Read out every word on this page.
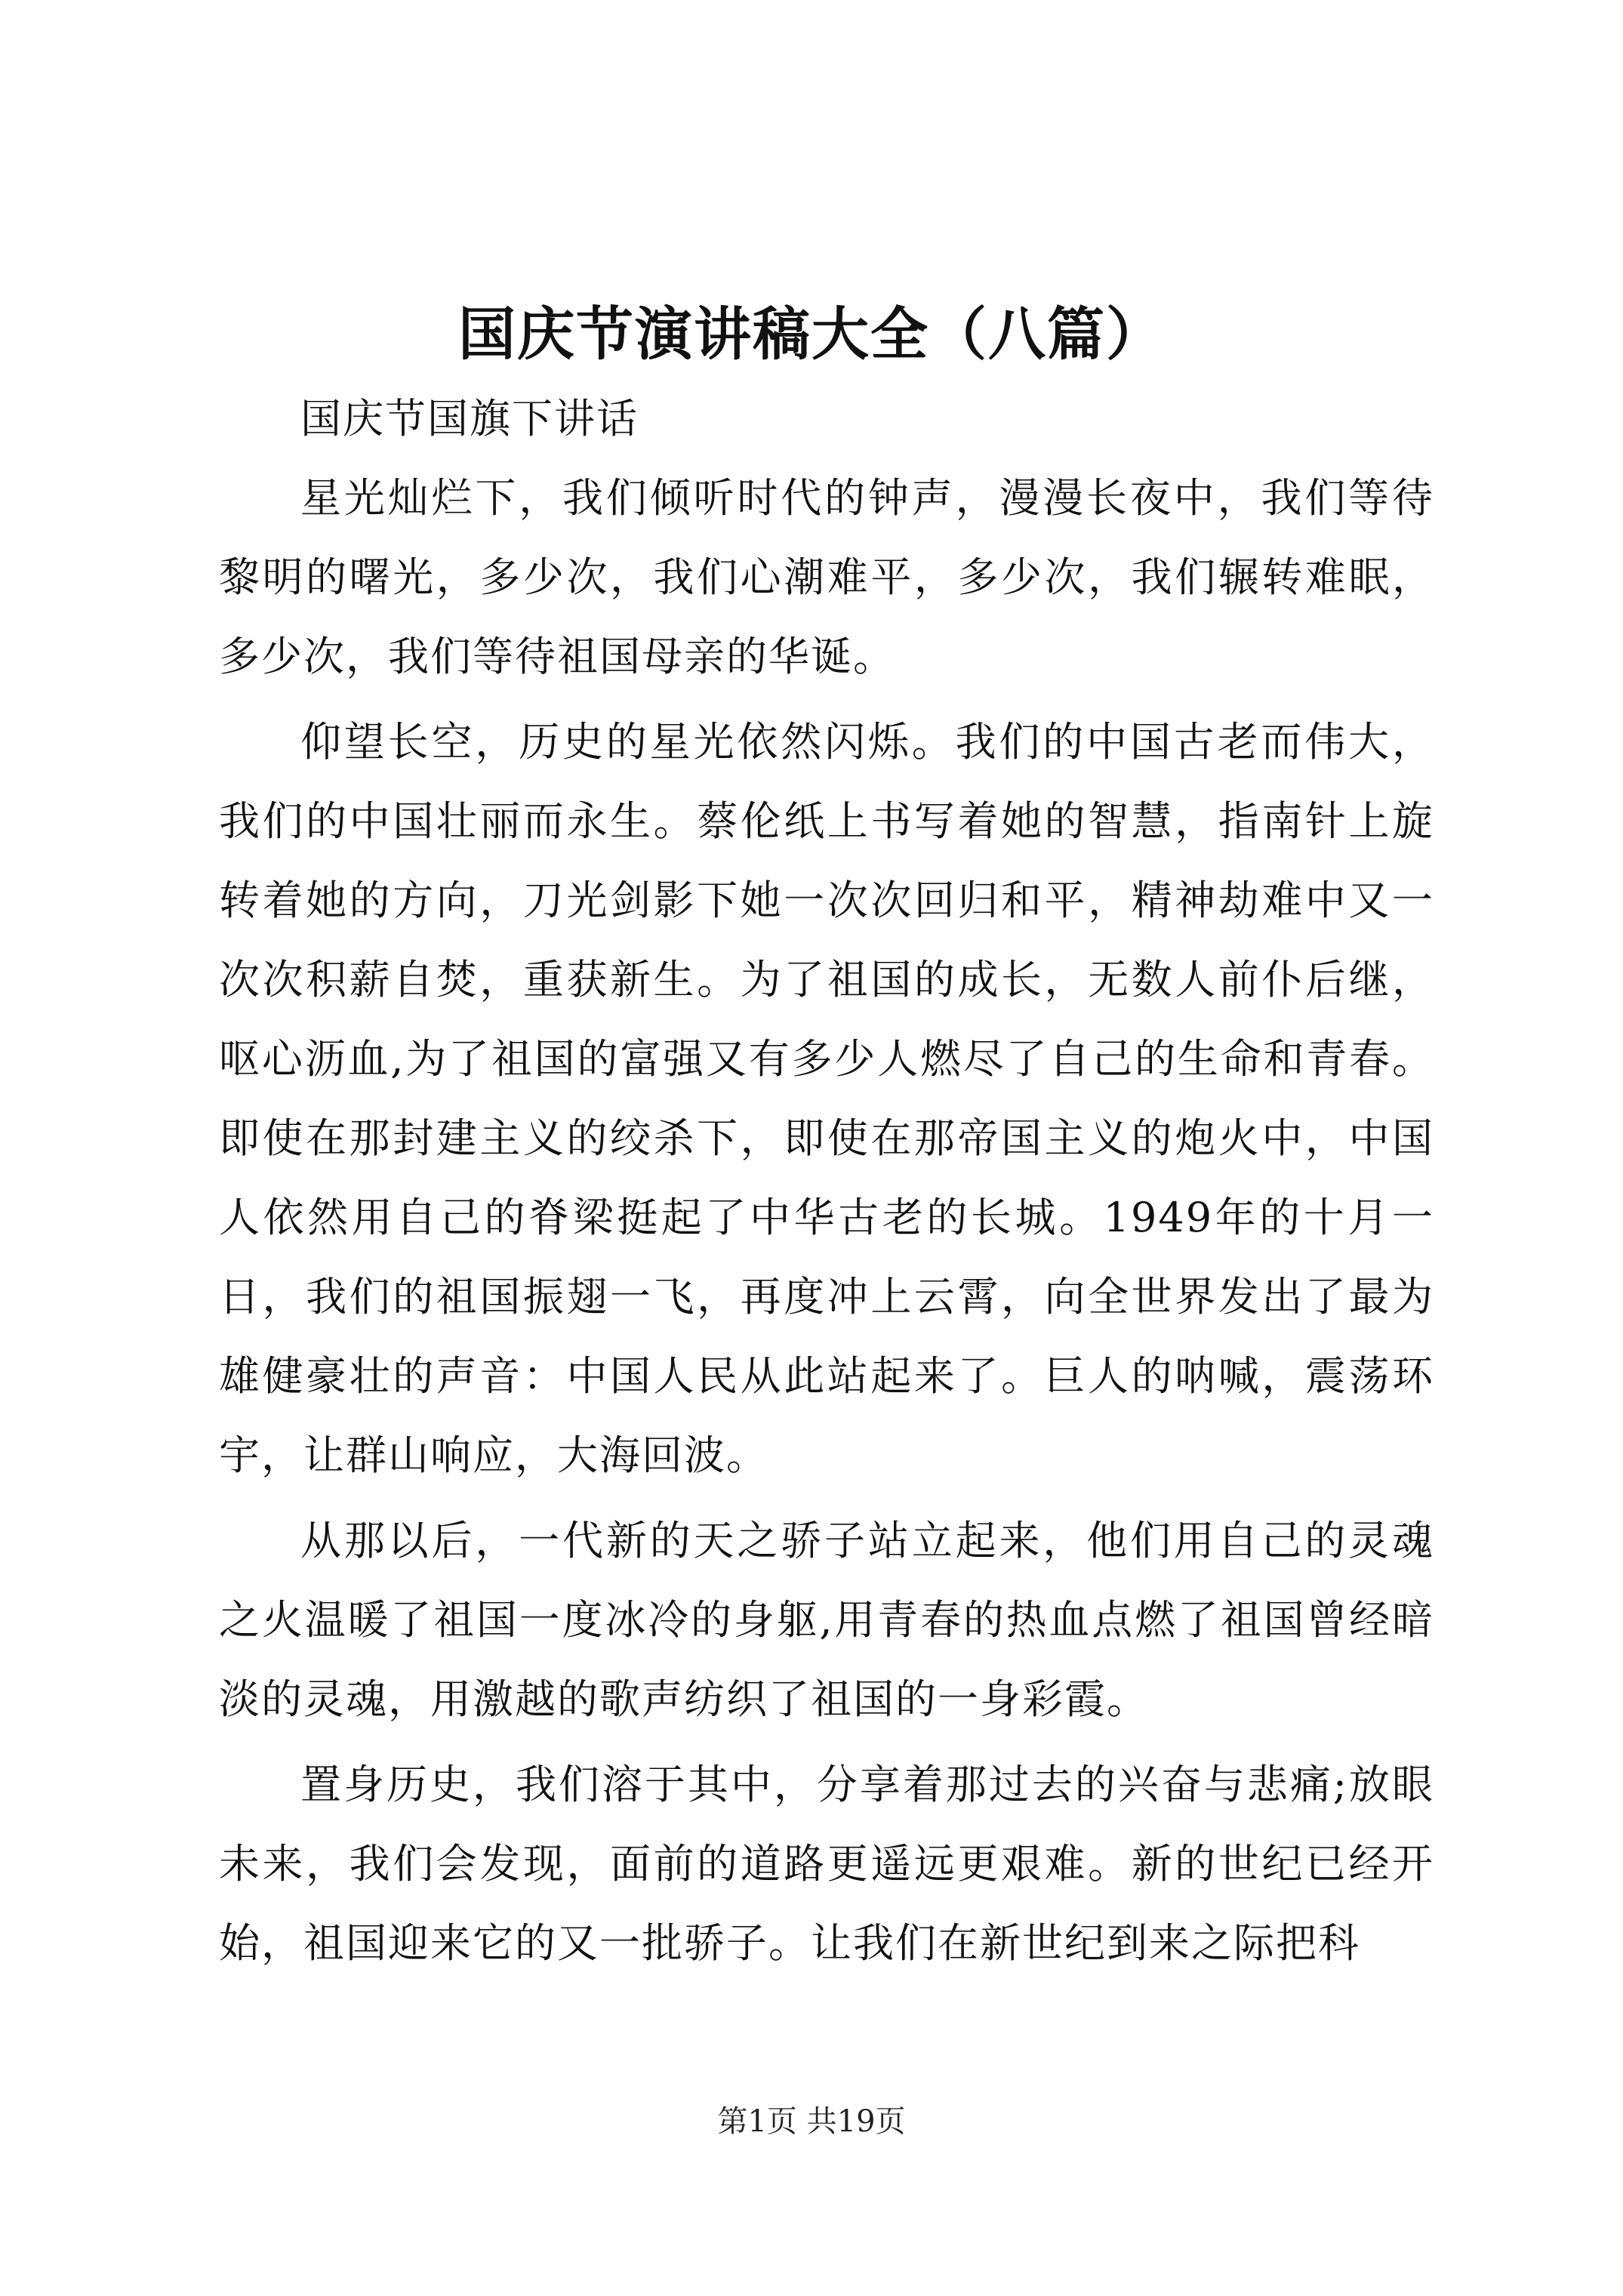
国庆节演讲稿大全（八篇）

国庆节国旗下讲话

星光灿烂下，我们倾听时代的钟声，漫漫长夜中，我们等待黎明的曙光，多少次，我们心潮难平，多少次，我们辗转难眠，多少次，我们等待祖国母亲的华诞。

仰望长空，历史的星光依然闪烁。我们的中国古老而伟大，我们的中国壮丽而永生。蔡伦纸上书写着她的智慧，指南针上旋转着她的方向，刀光剑影下她一次次回归和平，精神劫难中又一次次积薪自焚，重获新生。为了祖国的成长，无数人前仆后继，呕心沥血,为了祖国的富强又有多少人燃尽了自己的生命和青春。即使在那封建主义的绞杀下，即使在那帝国主义的炮火中，中国人依然用自己的脊梁挺起了中华古老的长城。1949年的十月一日，我们的祖国振翅一飞，再度冲上云霄，向全世界发出了最为雄健豪壮的声音：中国人民从此站起来了。巨人的呐喊，震荡环宇，让群山响应，大海回波。

从那以后，一代新的天之骄子站立起来，他们用自己的灵魂之火温暖了祖国一度冰冷的身躯,用青春的热血点燃了祖国曾经暗淡的灵魂，用激越的歌声纺织了祖国的一身彩霞。

置身历史，我们溶于其中，分享着那过去的兴奋与悲痛;放眼未来，我们会发现，面前的道路更遥远更艰难。新的世纪已经开始，祖国迎来它的又一批骄子。让我们在新世纪到来之际把科

第1页 共19页
